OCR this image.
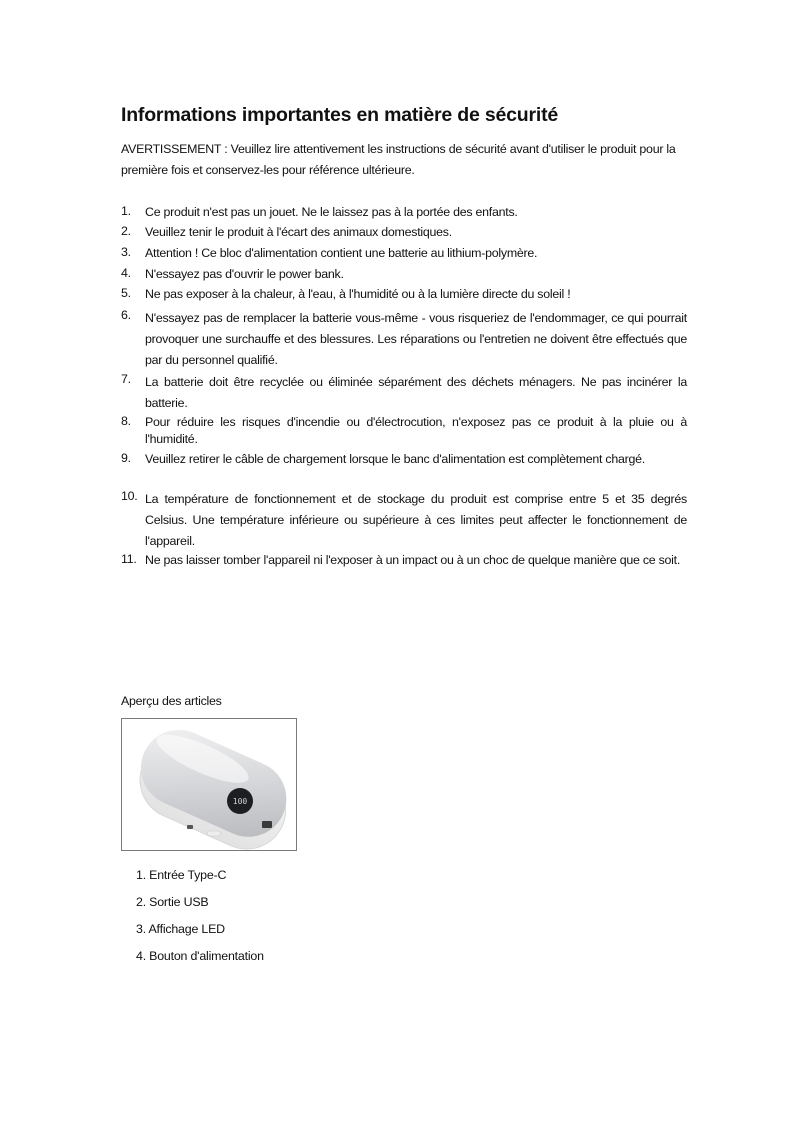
Informations importantes en matière de sécurité

AVERTISSEMENT : Veuillez lire attentivement les instructions de sécurité avant d'utiliser le produit pour la première fois et conservez-les pour référence ultérieure.

1. Ce produit n'est pas un jouet. Ne le laissez pas à la portée des enfants.
2. Veuillez tenir le produit à l'écart des animaux domestiques.
3. Attention ! Ce bloc d'alimentation contient une batterie au lithium-polymère.
4. N'essayez pas d'ouvrir le power bank.
5. Ne pas exposer à la chaleur, à l'eau, à l'humidité ou à la lumière directe du soleil !
6. N'essayez pas de remplacer la batterie vous-même - vous risqueriez de l'endommager, ce qui pourrait provoquer une surchauffe et des blessures. Les réparations ou l'entretien ne doivent être effectués que par du personnel qualifié.
7. La batterie doit être recyclée ou éliminée séparément des déchets ménagers. Ne pas incinérer la batterie.
8. Pour réduire les risques d'incendie ou d'électrocution, n'exposez pas ce produit à la pluie ou à l'humidité.
9. Veuillez retirer le câble de chargement lorsque le banc d'alimentation est complètement chargé.
10. La température de fonctionnement et de stockage du produit est comprise entre 5 et 35 degrés Celsius. Une température inférieure ou supérieure à ces limites peut affecter le fonctionnement de l'appareil.
11. Ne pas laisser tomber l'appareil ni l'exposer à un impact ou à un choc de quelque manière que ce soit.
Aperçu des articles
100
1. Entrée Type-C
2. Sortie USB
3. Affichage LED
4. Bouton d'alimentation
